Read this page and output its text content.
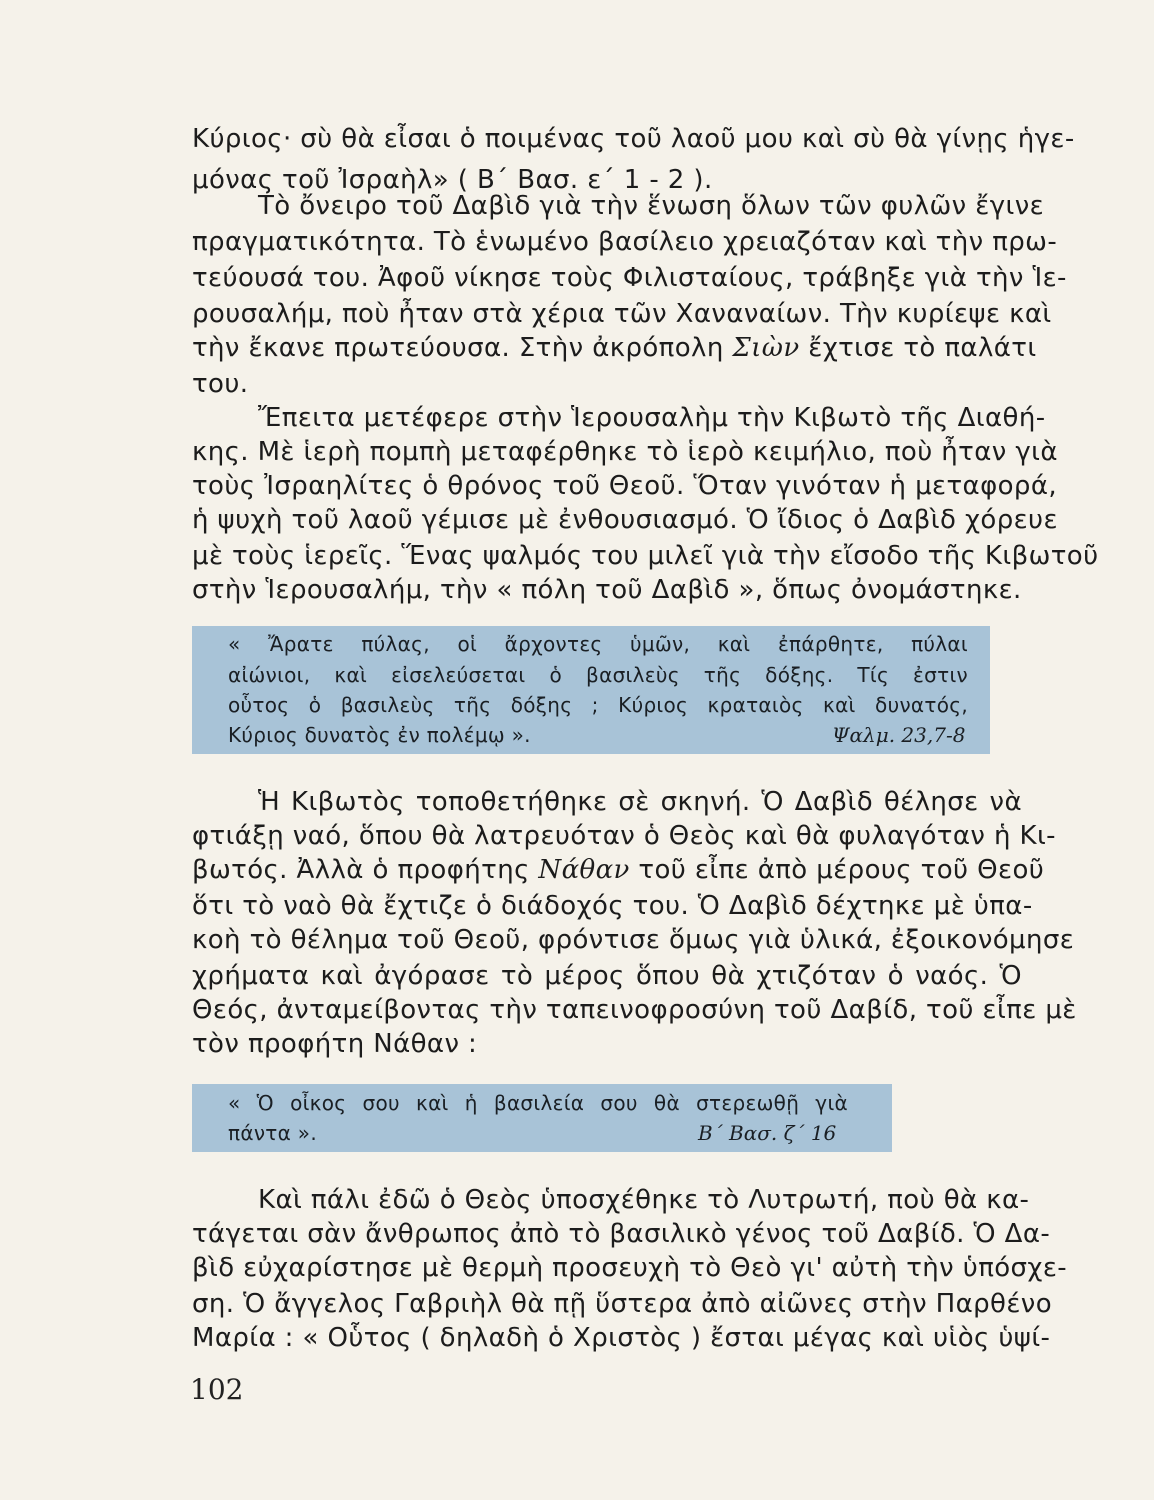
Κύριος· σὺ θὰ εἶσαι ὁ ποιμένας τοῦ λαοῦ μου καὶ σὺ θὰ γίνῃς ἡγε-
μόνας τοῦ Ἰσραὴλ» ( Β΄ Βασ. ε΄ 1 - 2 ).
Τὸ ὄνειρο τοῦ Δαβὶδ γιὰ τὴν ἕνωση ὅλων τῶν φυλῶν ἔγινε
πραγματικότητα. Τὸ ἑνωμένο βασίλειο χρειαζόταν καὶ τὴν πρω-
τεύουσά του. Ἀφοῦ νίκησε τοὺς Φιλισταίους, τράβηξε γιὰ τὴν Ἱε-
ρουσαλήμ, ποὺ ἦταν στὰ χέρια τῶν Χαναναίων. Τὴν κυρίεψε καὶ
τὴν ἔκανε πρωτεύουσα. Στὴν ἀκρόπολη Σιὼν ἔχτισε τὸ παλάτι
του.
Ἔπειτα μετέφερε στὴν Ἱερουσαλὴμ τὴν Κιβωτὸ τῆς Διαθή-
κης. Μὲ ἱερὴ πομπὴ μεταφέρθηκε τὸ ἱερὸ κειμήλιο, ποὺ ἦταν γιὰ
τοὺς Ἰσραηλίτες ὁ θρόνος τοῦ Θεοῦ. Ὅταν γινόταν ἡ μεταφορά,
ἡ ψυχὴ τοῦ λαοῦ γέμισε μὲ ἐνθουσιασμό. Ὁ ἴδιος ὁ Δαβὶδ χόρευε
μὲ τοὺς ἱερεῖς. Ἕνας ψαλμός του μιλεῖ γιὰ τὴν εἴσοδο τῆς Κιβωτοῦ
στὴν Ἱερουσαλήμ, τὴν « πόλη τοῦ Δαβὶδ », ὅπως ὀνομάστηκε.
« Ἄρατε πύλας, οἱ ἄρχοντες ὑμῶν, καὶ ἐπάρθητε, πύλαι
αἰώνιοι, καὶ εἰσελεύσεται ὁ βασιλεὺς τῆς δόξης. Τίς ἐστιν
οὗτος ὁ βασιλεὺς τῆς δόξης ; Κύριος κραταιὸς καὶ δυνατός,
Κύριος δυνατὸς ἐν πολέμῳ ».	Ψαλμ. 23,7-8
Ἡ Κιβωτὸς τοποθετήθηκε σὲ σκηνή. Ὁ Δαβὶδ θέλησε νὰ
φτιάξῃ ναό, ὅπου θὰ λατρευόταν ὁ Θεὸς καὶ θὰ φυλαγόταν ἡ Κι-
βωτός. Ἀλλὰ ὁ προφήτης Νάθαν τοῦ εἶπε ἀπὸ μέρους τοῦ Θεοῦ
ὅτι τὸ ναὸ θὰ ἔχτιζε ὁ διάδοχός του. Ὁ Δαβὶδ δέχτηκε μὲ ὑπα-
κοὴ τὸ θέλημα τοῦ Θεοῦ, φρόντισε ὅμως γιὰ ὑλικά, ἐξοικονόμησε
χρήματα καὶ ἀγόρασε τὸ μέρος ὅπου θὰ χτιζόταν ὁ ναός. Ὁ
Θεός, ἀνταμείβοντας τὴν ταπεινοφροσύνη τοῦ Δαβίδ, τοῦ εἶπε μὲ
τὸν προφήτη Νάθαν :
« Ὁ οἶκος σου καὶ ἡ βασιλεία σου θὰ στερεωθῇ γιὰ
πάντα ».	Β΄ Βασ. ζ΄ 16
Καὶ πάλι ἐδῶ ὁ Θεὸς ὑποσχέθηκε τὸ Λυτρωτή, ποὺ θὰ κα-
τάγεται σὰν ἄνθρωπος ἀπὸ τὸ βασιλικὸ γένος τοῦ Δαβίδ. Ὁ Δα-
βὶδ εὐχαρίστησε μὲ θερμὴ προσευχὴ τὸ Θεὸ γι' αὐτὴ τὴν ὑπόσχε-
ση. Ὁ ἄγγελος Γαβριὴλ θὰ πῇ ὕστερα ἀπὸ αἰῶνες στὴν Παρθένο
Μαρία : « Οὗτος ( δηλαδὴ ὁ Χριστὸς ) ἔσται μέγας καὶ υἱὸς ὑψί-
102
